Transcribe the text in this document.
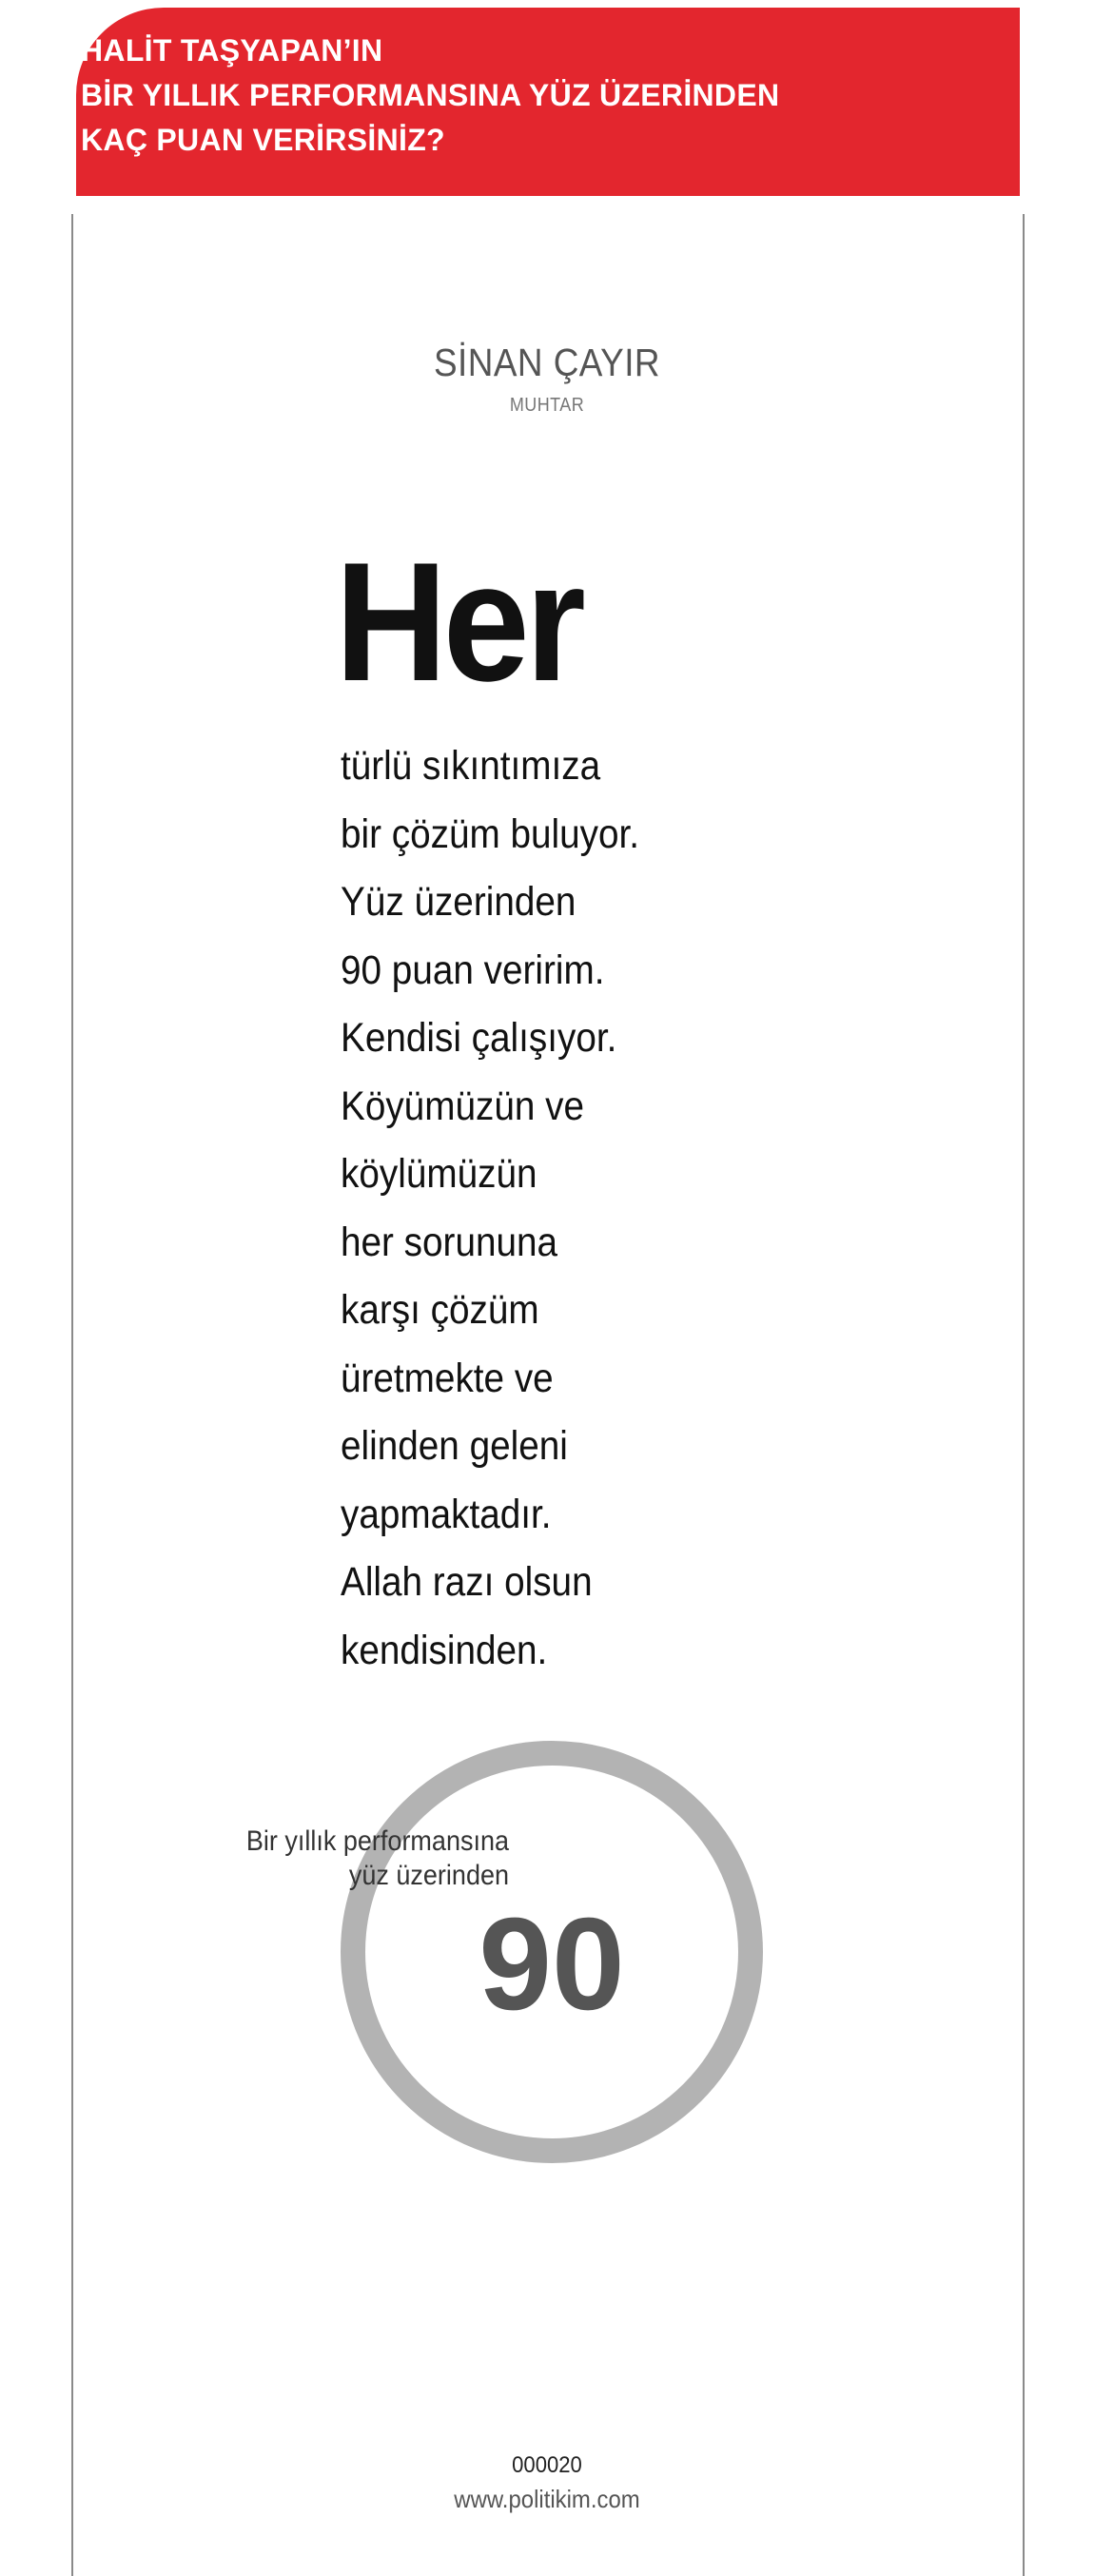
HALİT TAŞYAPAN’IN
BİR YILLIK PERFORMANSINA YÜZ ÜZERİNDEN
KAÇ PUAN VERİRSİNİZ?
SİNAN ÇAYIR
MUHTAR
Her
türlü sıkıntımıza
bir çözüm buluyor.
Yüz üzerinden
90 puan veririm.
Kendisi çalışıyor.
Köyümüzün ve
köylümüzün
her sorununa
karşı çözüm
üretmekte ve
elinden geleni
yapmaktadır.
Allah razı olsun
kendisinden.
Bir yıllık performansına
yüz üzerinden
90
000020
www.politikim.com
